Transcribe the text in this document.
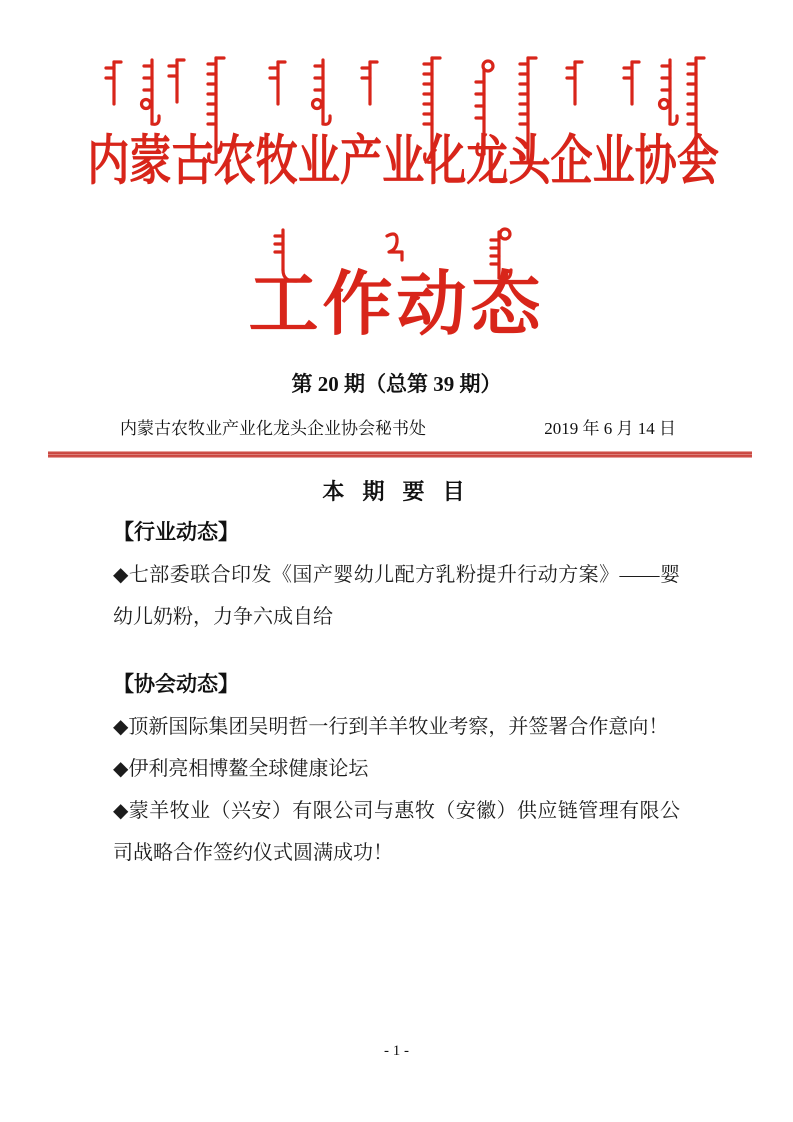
内蒙古农牧业产业化龙头企业协会
工作动态
第 20 期（总第 39 期）
内蒙古农牧业产业化龙头企业协会秘书处	2019 年 6 月 14 日
本 期 要 目
【行业动态】

◆七部委联合印发《国产婴幼儿配方乳粉提升行动方案》——婴幼儿奶粉，力争六成自给

【协会动态】

◆顶新国际集团吴明哲一行到羊羊牧业考察，并签署合作意向！

◆伊利亮相博鳌全球健康论坛

◆蒙羊牧业（兴安）有限公司与惠牧（安徽）供应链管理有限公司战略合作签约仪式圆满成功！

- 1 -
